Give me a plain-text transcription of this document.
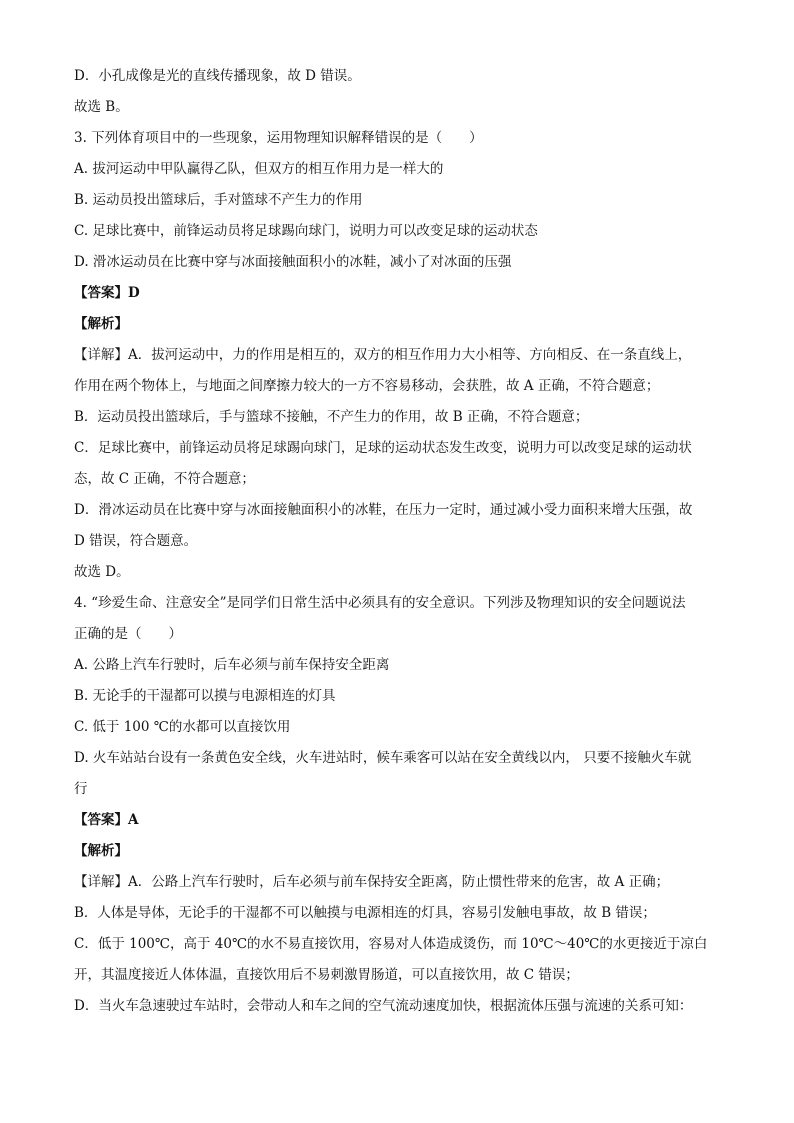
D．小孔成像是光的直线传播现象，故 D 错误。
故选 B。
3. 下列体育项目中的一些现象，运用物理知识解释错误的是（　　）
A. 拔河运动中甲队赢得乙队，但双方的相互作用力是一样大的
B. 运动员投出篮球后，手对篮球不产生力的作用
C. 足球比赛中，前锋运动员将足球踢向球门，说明力可以改变足球的运动状态
D. 滑冰运动员在比赛中穿与冰面接触面积小的冰鞋，减小了对冰面的压强
【答案】D
【解析】
【详解】A．拔河运动中，力的作用是相互的，双方的相互作用力大小相等、方向相反、在一条直线上，
作用在两个物体上，与地面之间摩擦力较大的一方不容易移动，会获胜，故 A 正确，不符合题意；
B．运动员投出篮球后，手与篮球不接触，不产生力的作用，故 B 正确，不符合题意；
C．足球比赛中，前锋运动员将足球踢向球门，足球的运动状态发生改变，说明力可以改变足球的运动状
态，故 C 正确，不符合题意；
D．滑冰运动员在比赛中穿与冰面接触面积小的冰鞋，在压力一定时，通过减小受力面积来增大压强，故
D 错误，符合题意。
故选 D。
4. “珍爱生命、注意安全”是同学们日常生活中必须具有的安全意识。下列涉及物理知识的安全问题说法
正确的是（　　）
A. 公路上汽车行驶时，后车必须与前车保持安全距离
B. 无论手的干湿都可以摸与电源相连的灯具
C. 低于 100 ℃的水都可以直接饮用
D. 火车站站台设有一条黄色安全线，火车进站时，候车乘客可以站在安全黄线以内， 只要不接触火车就
行
【答案】A
【解析】
【详解】A．公路上汽车行驶时，后车必须与前车保持安全距离，防止惯性带来的危害，故 A 正确；
B．人体是导体，无论手的干湿都不可以触摸与电源相连的灯具，容易引发触电事故，故 B 错误；
C．低于 100℃，高于 40℃的水不易直接饮用，容易对人体造成烫伤，而 10℃～40℃的水更接近于凉白
开，其温度接近人体体温，直接饮用后不易刺激胃肠道，可以直接饮用，故 C 错误；
D．当火车急速驶过车站时，会带动人和车之间的空气流动速度加快，根据流体压强与流速的关系可知：
